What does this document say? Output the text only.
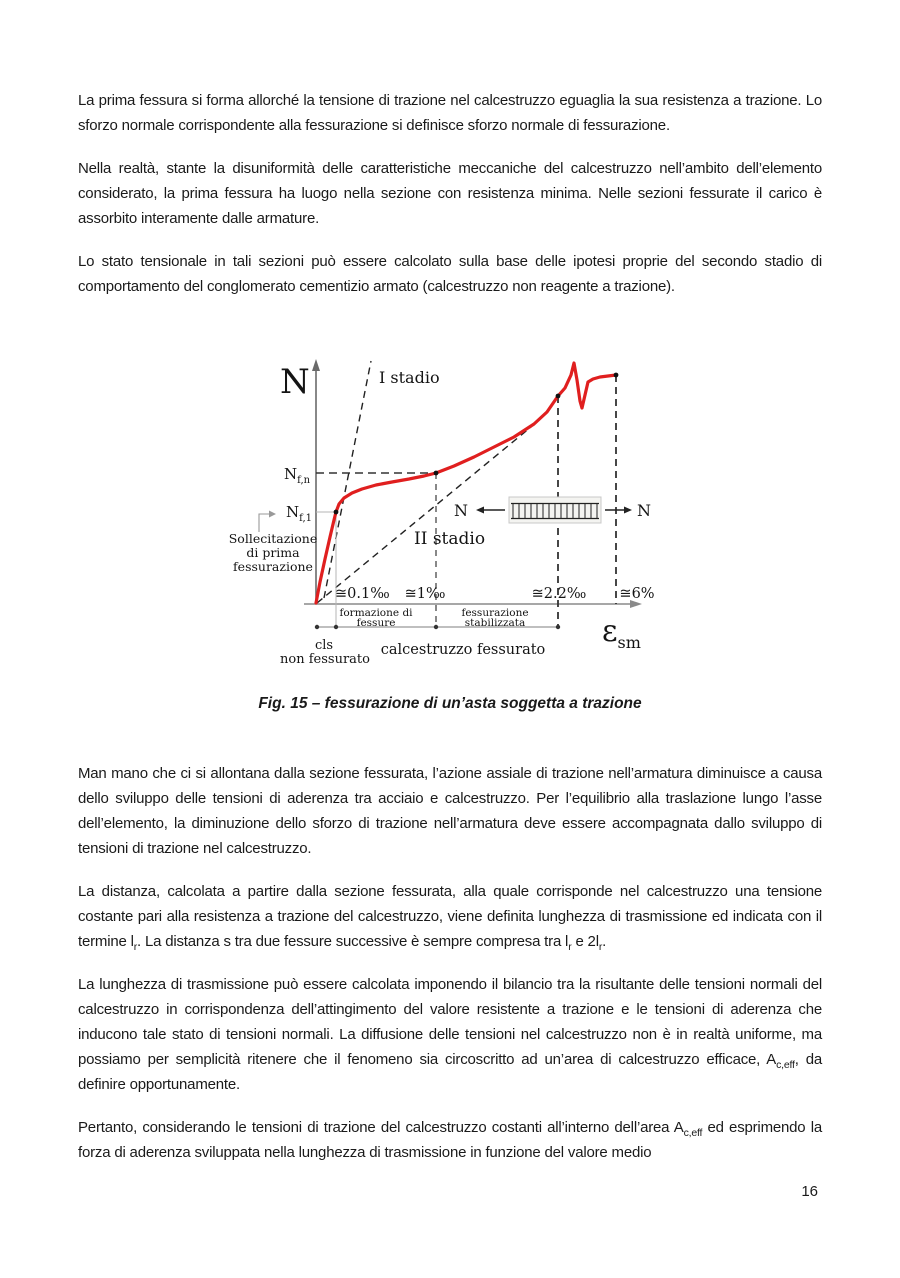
La prima fessura si forma allorché la tensione di trazione nel calcestruzzo eguaglia la sua resistenza a trazione. Lo sforzo normale corrispondente alla fessurazione si definisce sforzo normale di fessurazione.

Nella realtà, stante la disuniformità delle caratteristiche meccaniche del calcestruzzo nell’ambito dell’elemento considerato, la prima fessura ha luogo nella sezione con resistenza minima. Nelle sezioni fessurate il carico è assorbito interamente dalle armature.

Lo stato tensionale in tali sezioni può essere calcolato sulla base delle ipotesi proprie del secondo stadio di comportamento del conglomerato cementizio armato (calcestruzzo non reagente a trazione).

N	I stadio
II stadio
$N_{f,n}$
$N_{f,1}$
Sollecitazione
di prima
fessurazione
N	N
≅0.1‰ ≅1‰	≅2.2‰ ≅6%
formazione di
fessure
fessurazione
stabilizzata	$\varepsilon_{sm}$
cls
non fessurato
calcestruzzo fessurato
Fig. 15 – fessurazione di un’asta soggetta a trazione

Man mano che ci si allontana dalla sezione fessurata, l’azione assiale di trazione nell’armatura diminuisce a causa dello sviluppo delle tensioni di aderenza tra acciaio e calcestruzzo. Per l’equilibrio alla traslazione lungo l’asse dell’elemento, la diminuzione dello sforzo di trazione nell’armatura deve essere accompagnata dallo sviluppo di tensioni di trazione nel calcestruzzo.

La distanza, calcolata a partire dalla sezione fessurata, alla quale corrisponde nel calcestruzzo una tensione costante pari alla resistenza a trazione del calcestruzzo, viene definita lunghezza di trasmissione ed indicata con il termine $l_r$. La distanza s tra due fessure successive è sempre compresa tra $l_r$ e $2l_r$.

La lunghezza di trasmissione può essere calcolata imponendo il bilancio tra la risultante delle tensioni normali del calcestruzzo in corrispondenza dell’attingimento del valore resistente a trazione e le tensioni di aderenza che inducono tale stato di tensioni normali. La diffusione delle tensioni nel calcestruzzo non è in realtà uniforme, ma possiamo per semplicità ritenere che il fenomeno sia circoscritto ad un’area di calcestruzzo efficace, $A_{c,eff}$, da definire opportunamente.

Pertanto, considerando le tensioni di trazione del calcestruzzo costanti all’interno dell’area $A_{c,eff}$ ed esprimendo la forza di aderenza sviluppata nella lunghezza di trasmissione in funzione del valore medio

16
